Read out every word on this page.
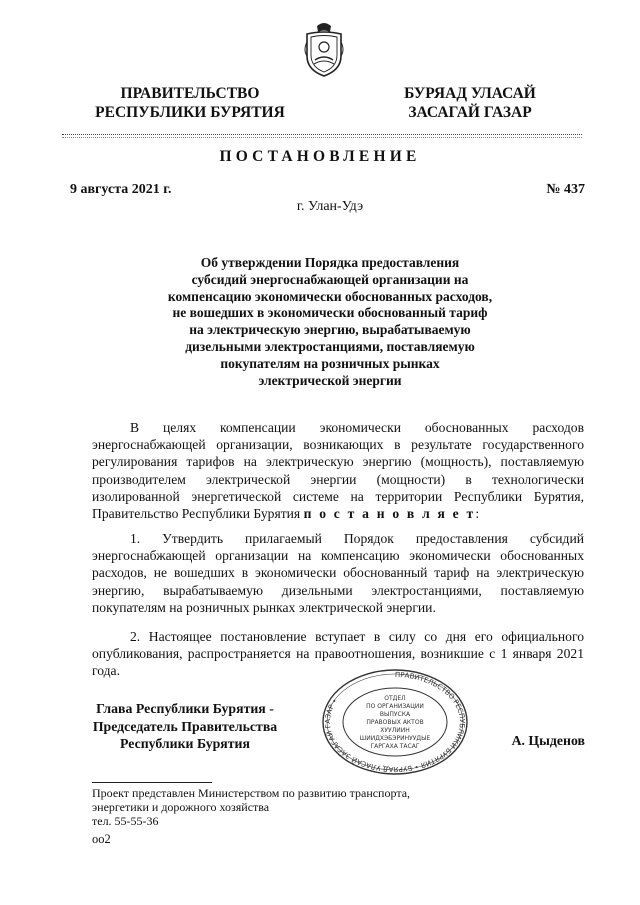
ПРАВИТЕЛЬСТВО
РЕСПУБЛИКИ БУРЯТИЯ
БУРЯАД УЛАСАЙ
ЗАСАГАЙ ГАЗАР
ПОСТАНОВЛЕНИЕ
9 августа 2021 г.	№ 437
г. Улан-Удэ
Об утверждении Порядка предоставления
субсидий энергоснабжающей организации на
компенсацию экономически обоснованных расходов,
не вошедших в экономически обоснованный тариф
на электрическую энергию, вырабатываемую
дизельными электростанциями, поставляемую
покупателям на розничных рынках
электрической энергии
В целях компенсации экономически обоснованных расходов энергоснабжающей организации, возникающих в результате государственного регулирования тарифов на электрическую энергию (мощность), поставляемую производителем электрической энергии (мощности) в технологически изолированной энергетической системе на территории Республики Бурятия, Правительство Республики Бурятия п о с т а н о в л я е т:
1. Утвердить прилагаемый Порядок предоставления субсидий энергоснабжающей организации на компенсацию экономически обоснованных расходов, не вошедших в экономически обоснованный тариф на электрическую энергию, вырабатываемую дизельными электростанциями, поставляемую покупателям на розничных рынках электрической энергии.
2. Настоящее постановление вступает в силу со дня его официального опубликования, распространяется на правоотношения, возникшие с 1 января 2021 года.
Глава Республики Бурятия -
Председатель Правительства
Республики Бурятия
ПРАВИТЕЛЬСТВО РЕСПУБЛИКИ БУРЯТИЯ • БУРЯАД УЛАСАЙ ЗАСАГАЙ ГАЗАР •	ОТДЕЛ
ПО ОРГАНИЗАЦИИ
ВЫПУСКА
ПРАВОВЫХ АКТОВ
ХУУЛИИН
ШИИДХЭБЭРИНУУДЫЕ
ГАРГАХА ТАСАГ	А. Цыденов
Проект представлен Министерством по развитию транспорта,
энергетики и дорожного хозяйства
тел. 55-55-36
оо2
